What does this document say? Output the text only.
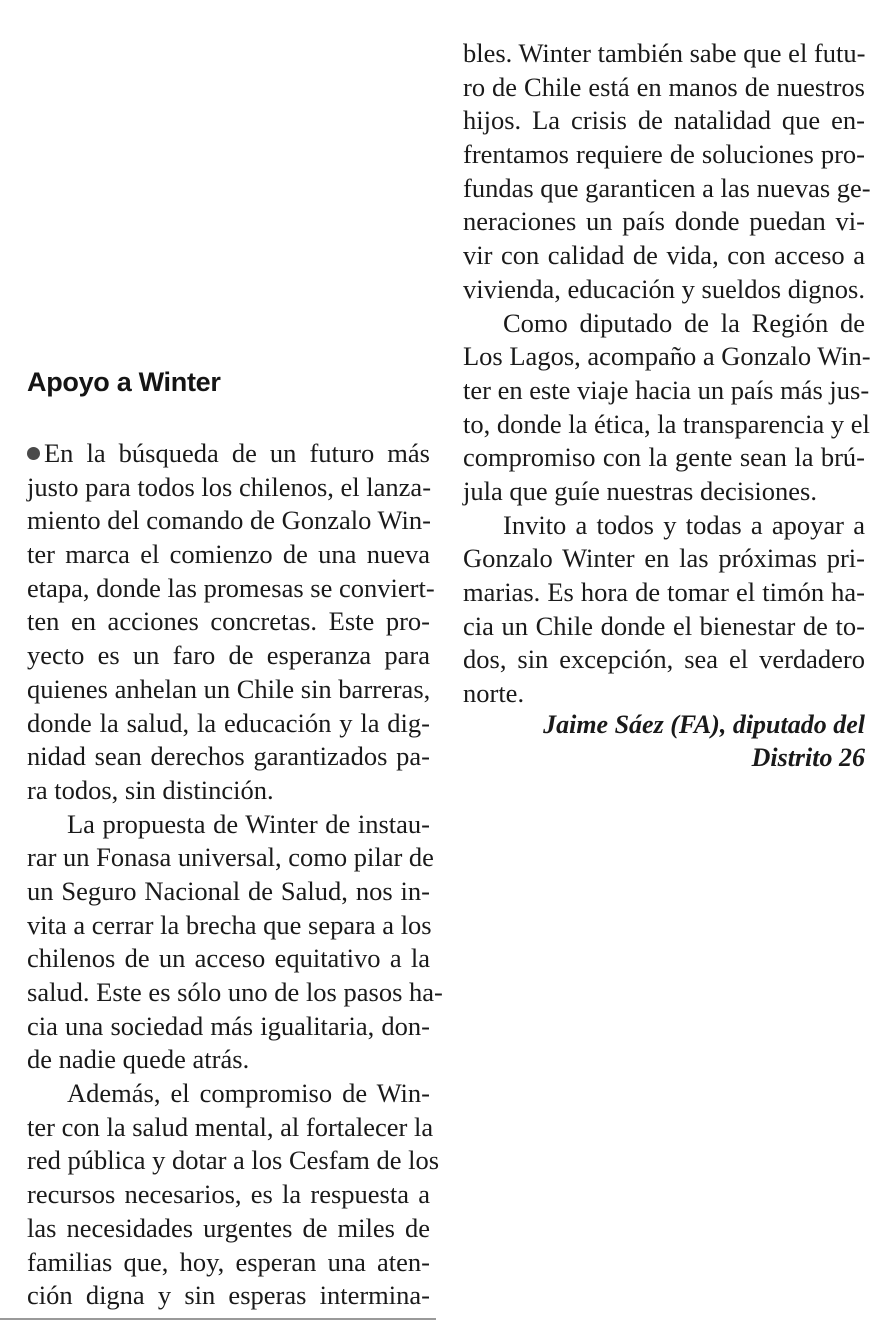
Apoyo a Winter
En la búsqueda de un futuro más
justo para todos los chilenos, el lanza-
miento del comando de Gonzalo Win-
ter marca el comienzo de una nueva
etapa, donde las promesas se conviert-
ten en acciones concretas. Este pro-
yecto es un faro de esperanza para
quienes anhelan un Chile sin barreras,
donde la salud, la educación y la dig-
nidad sean derechos garantizados pa-
ra todos, sin distinción.
La propuesta de Winter de instau-
rar un Fonasa universal, como pilar de
un Seguro Nacional de Salud, nos in-
vita a cerrar la brecha que separa a los
chilenos de un acceso equitativo a la
salud. Este es sólo uno de los pasos ha-
cia una sociedad más igualitaria, don-
de nadie quede atrás.
Además, el compromiso de Win-
ter con la salud mental, al fortalecer la
red pública y dotar a los Cesfam de los
recursos necesarios, es la respuesta a
las necesidades urgentes de miles de
familias que, hoy, esperan una aten-
ción digna y sin esperas intermina-
bles. Winter también sabe que el futu-
ro de Chile está en manos de nuestros
hijos. La crisis de natalidad que en-
frentamos requiere de soluciones pro-
fundas que garanticen a las nuevas ge-
neraciones un país donde puedan vi-
vir con calidad de vida, con acceso a
vivienda, educación y sueldos dignos.
Como diputado de la Región de
Los Lagos, acompaño a Gonzalo Win-
ter en este viaje hacia un país más jus-
to, donde la ética, la transparencia y el
compromiso con la gente sean la brú-
jula que guíe nuestras decisiones.
Invito a todos y todas a apoyar a
Gonzalo Winter en las próximas pri-
marias. Es hora de tomar el timón ha-
cia un Chile donde el bienestar de to-
dos, sin excepción, sea el verdadero
norte.
Jaime Sáez (FA), diputado del
Distrito 26
